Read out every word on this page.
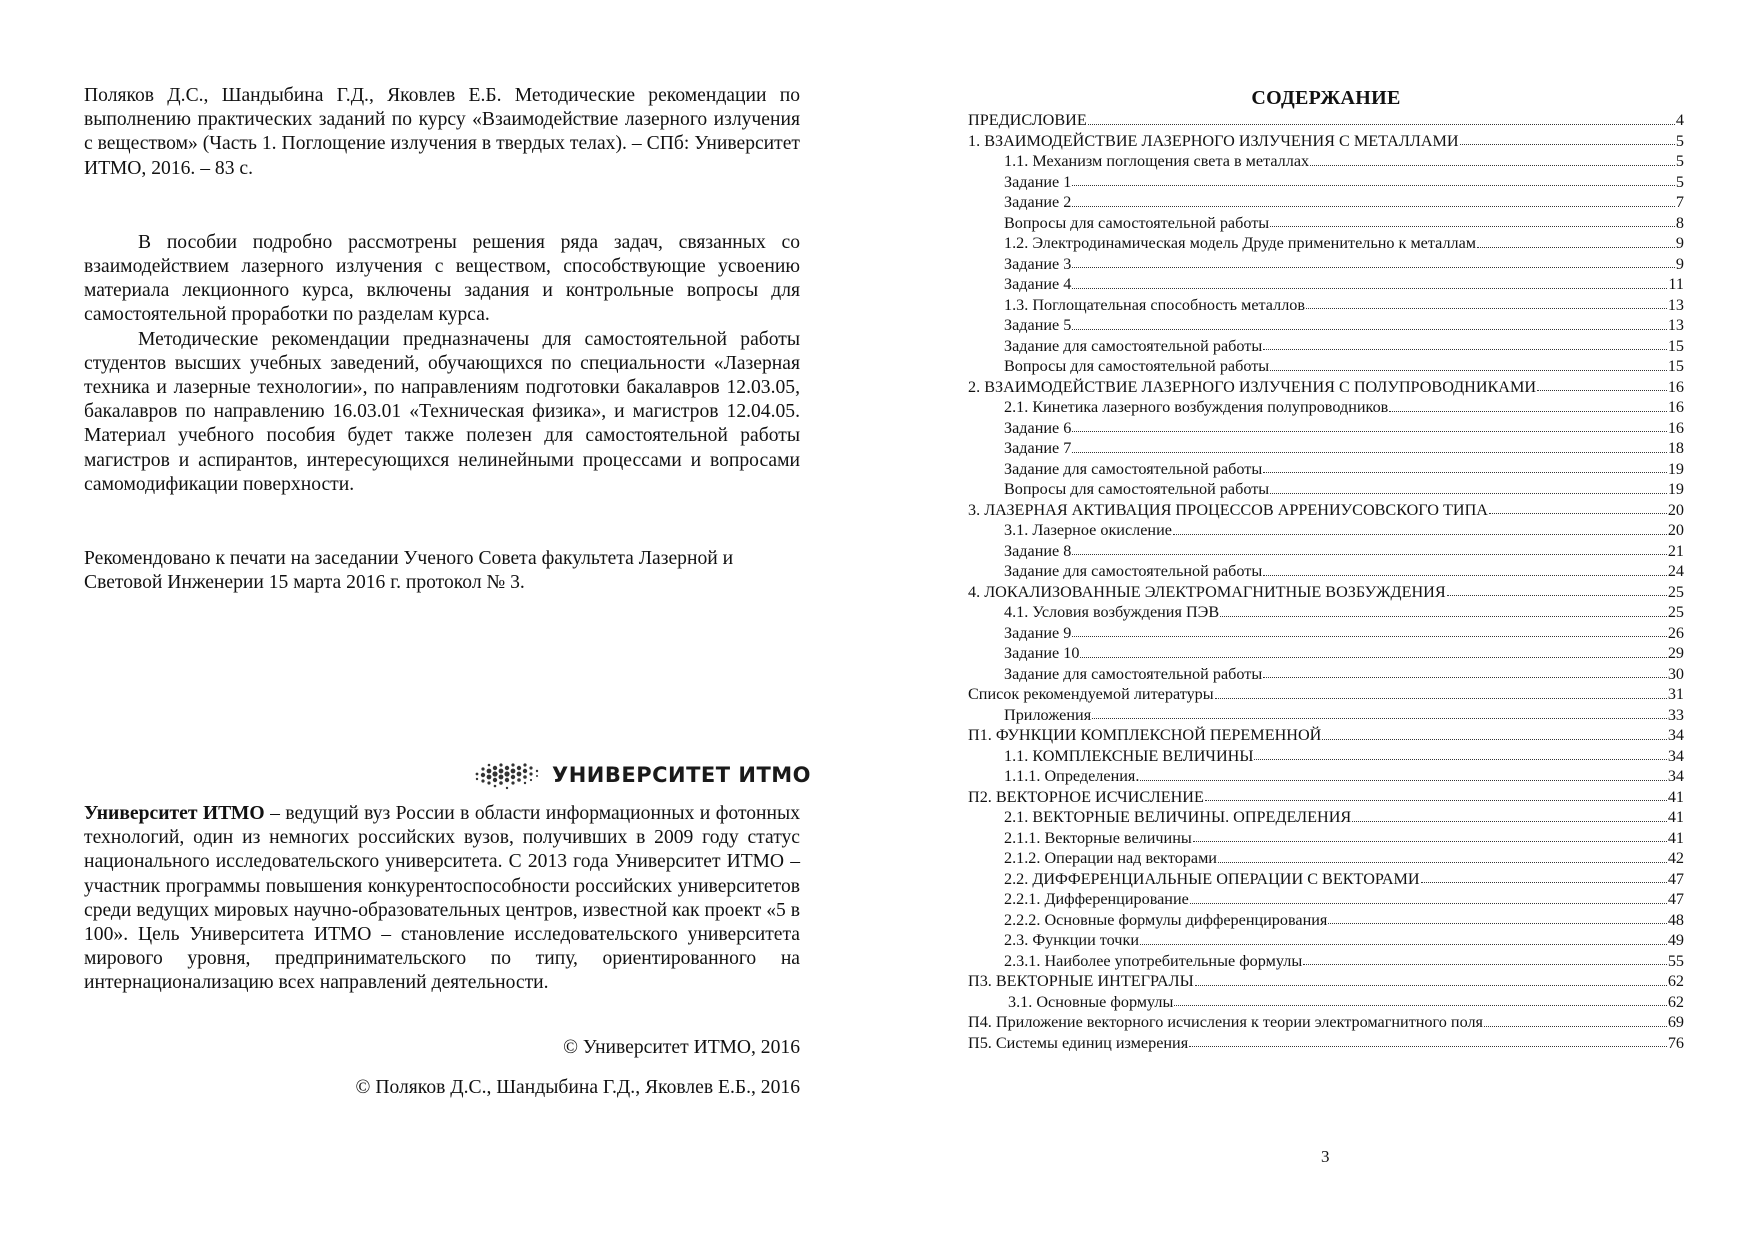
Поляков Д.С., Шандыбина Г.Д., Яковлев Е.Б. Методические рекомендации по выполнению практических заданий по курсу «Взаимодействие лазерного излучения с веществом» (Часть 1. Поглощение излучения в твердых телах). – СПб: Университет ИТМО, 2016. – 83 с.

В пособии подробно рассмотрены решения ряда задач, связанных со взаимодействием лазерного излучения с веществом, способствующие усвоению материала лекционного курса, включены задания и контрольные вопросы для самостоятельной проработки по разделам курса.

Методические рекомендации предназначены для самостоятельной работы студентов высших учебных заведений, обучающихся по специальности «Лазерная техника и лазерные технологии», по направлениям подготовки бакалавров 12.03.05, бакалавров по направлению 16.03.01 «Техническая физика», и магистров 12.04.05. Материал учебного пособия будет также полезен для самостоятельной работы магистров и аспирантов, интересующихся нелинейными процессами и вопросами самомодификации поверхности.

Рекомендовано к печати на заседании Ученого Совета факультета Лазерной и Световой Инженерии 15 марта 2016 г. протокол № 3.

УНИВЕРСИТЕТ ИТМО

Университет ИТМО – ведущий вуз России в области информационных и фотонных технологий, один из немногих российских вузов, получивших в 2009 году статус национального исследовательского университета. С 2013 года Университет ИТМО – участник программы повышения конкурентоспособности российских университетов среди ведущих мировых научно-образовательных центров, известной как проект «5 в 100». Цель Университета ИТМО – становление исследовательского университета мирового уровня, предпринимательского по типу, ориентированного на интернационализацию всех направлений деятельности.

© Университет ИТМО, 2016
© Поляков Д.С., Шандыбина Г.Д., Яковлев Е.Б., 2016
СОДЕРЖАНИЕ
ПРЕДИСЛОВИЕ	4
1. ВЗАИМОДЕЙСТВИЕ ЛАЗЕРНОГО ИЗЛУЧЕНИЯ С МЕТАЛЛАМИ	5
1.1. Механизм поглощения света в металлах	5
Задание 1	5
Задание 2	7
Вопросы для самостоятельной работы	8
1.2. Электродинамическая модель Друде применительно к металлам	9
Задание 3	9
Задание 4	11
1.3. Поглощательная способность металлов	13
Задание 5	13
Задание для самостоятельной работы	15
Вопросы для самостоятельной работы	15
2. ВЗАИМОДЕЙСТВИЕ ЛАЗЕРНОГО ИЗЛУЧЕНИЯ С ПОЛУПРОВОДНИКАМИ	16
2.1. Кинетика лазерного возбуждения полупроводников	16
Задание 6	16
Задание 7	18
Задание для самостоятельной работы	19
Вопросы для самостоятельной работы	19
3. ЛАЗЕРНАЯ АКТИВАЦИЯ ПРОЦЕССОВ АРРЕНИУСОВСКОГО ТИПА	20
3.1. Лазерное окисление	20
Задание 8	21
Задание для самостоятельной работы	24
4. ЛОКАЛИЗОВАННЫЕ ЭЛЕКТРОМАГНИТНЫЕ ВОЗБУЖДЕНИЯ	25
4.1. Условия возбуждения ПЭВ	25
Задание 9	26
Задание 10	29
Задание для самостоятельной работы	30
Список рекомендуемой литературы	31
Приложения	33
П1. ФУНКЦИИ КОМПЛЕКСНОЙ ПЕРЕМЕННОЙ	34
1.1. КОМПЛЕКСНЫЕ ВЕЛИЧИНЫ	34
1.1.1. Определения.	34
П2. ВЕКТОРНОЕ ИСЧИСЛЕНИЕ	41
2.1. ВЕКТОРНЫЕ ВЕЛИЧИНЫ. ОПРЕДЕЛЕНИЯ	41
2.1.1. Векторные величины	41
2.1.2. Операции над векторами	42
2.2. ДИФФЕРЕНЦИАЛЬНЫЕ ОПЕРАЦИИ С ВЕКТОРАМИ	47
2.2.1. Дифференцирование	47
2.2.2. Основные формулы дифференцирования	48
2.3. Функции точки	49
2.3.1. Наиболее употребительные формулы	55
П3. ВЕКТОРНЫЕ ИНТЕГРАЛЫ	62
3.1. Основные формулы	62
П4. Приложение векторного исчисления к теории электромагнитного поля	69
П5. Системы единиц измерения	76
3
